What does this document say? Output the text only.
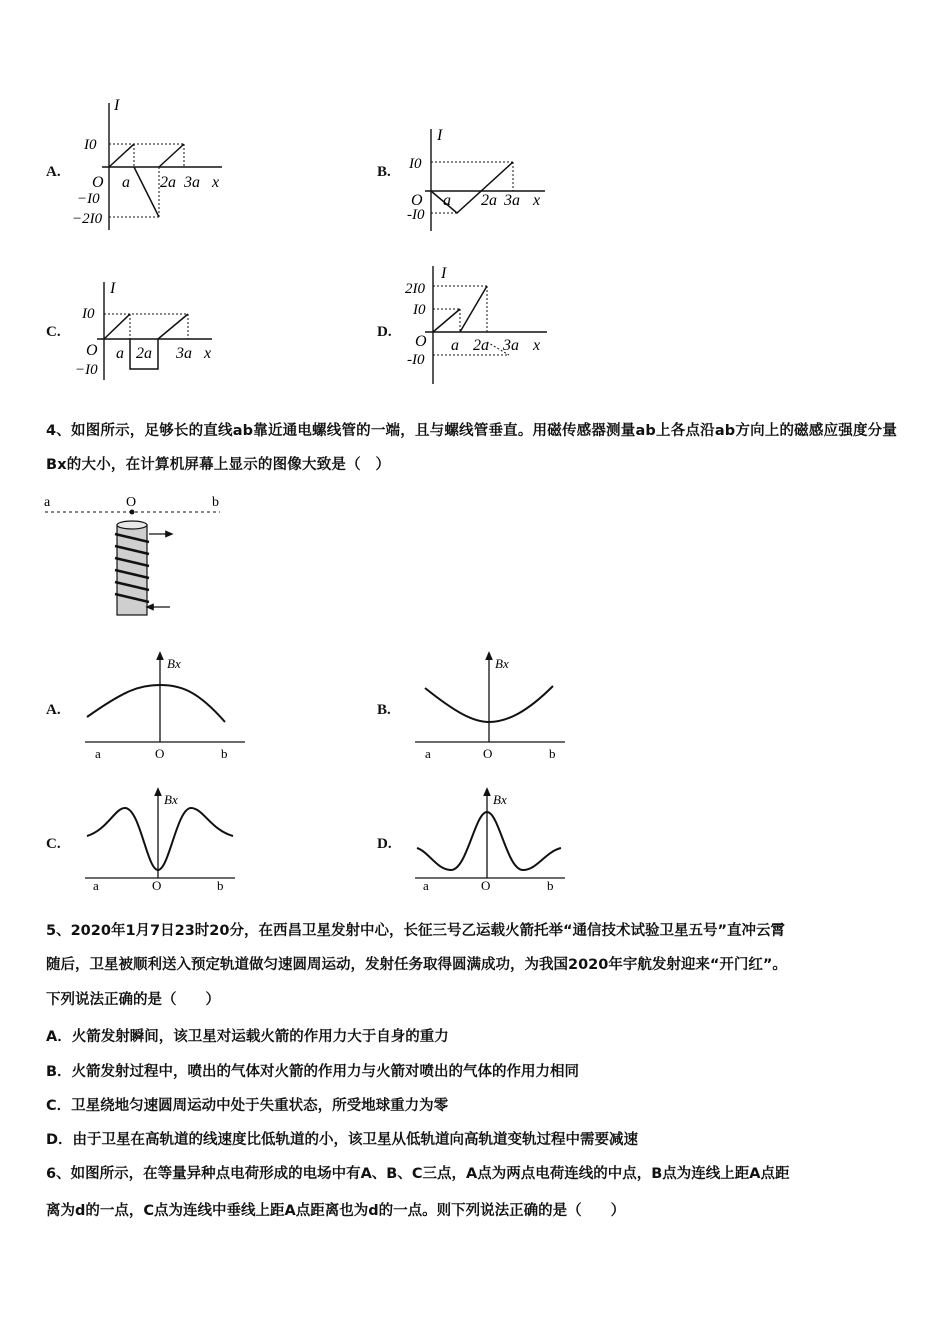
A.
I
x
O
I0
−I0
−2I0
a 2a 3a
B.
I
x
O
I0
-I0
a 2a 3a
C.
I
x
O
I0
−I0
a 2a 3a
D.
I
x
O
2I0
I0
-I0
a 2a 3a
4、如图所示，足够长的直线ab靠近通电螺线管的一端，且与螺线管垂直。用磁传感器测量ab上各点沿ab方向上的磁感应强度分量Bx的大小，在计算机屏幕上显示的图像大致是（　）
a	O	b
A.
Bx
a	O	b
B.
Bx
a	O	b
C.
Bx
a	O	b
D.
Bx
a	O	b
5、2020年1月7日23时20分，在西昌卫星发射中心，长征三号乙运载火箭托举“通信技术试验卫星五号”直冲云霄
随后，卫星被顺利送入预定轨道做匀速圆周运动，发射任务取得圆满成功，为我国2020年宇航发射迎来“开门红”。
下列说法正确的是（　　）
A．火箭发射瞬间，该卫星对运载火箭的作用力大于自身的重力
B．火箭发射过程中，喷出的气体对火箭的作用力与火箭对喷出的气体的作用力相同
C．卫星绕地匀速圆周运动中处于失重状态，所受地球重力为零
D．由于卫星在高轨道的线速度比低轨道的小，该卫星从低轨道向高轨道变轨过程中需要减速
6、如图所示，在等量异种点电荷形成的电场中有A、B、C三点，A点为两点电荷连线的中点，B点为连线上距A点距
离为d的一点，C点为连线中垂线上距A点距离也为d的一点。则下列说法正确的是（　　）
